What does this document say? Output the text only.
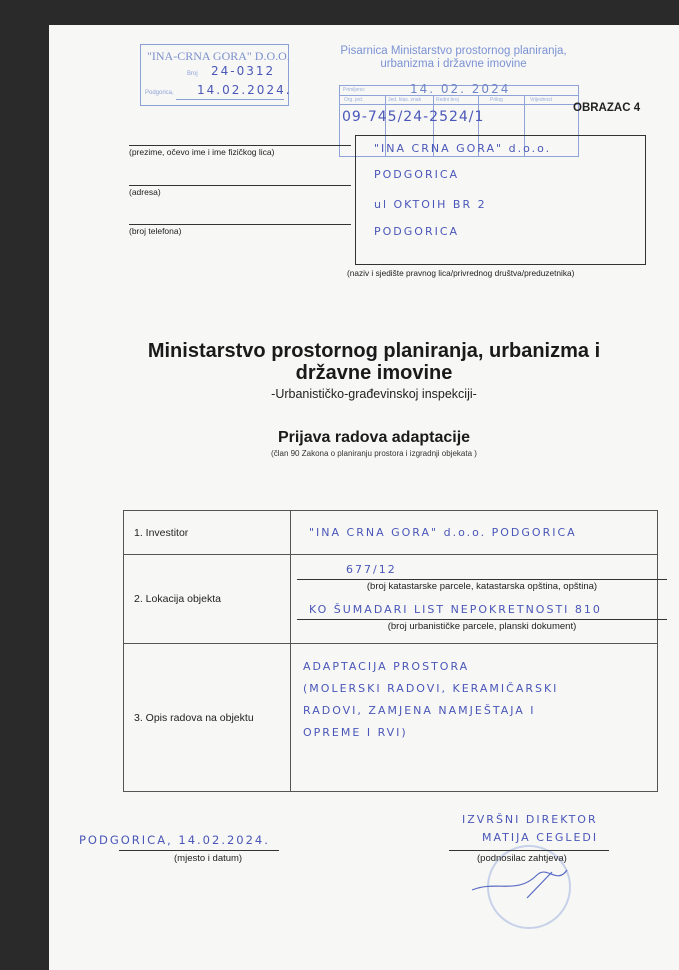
"INA-CRNA GORA" D.O.O.
Broj 24-0312
Podgorica, 14.02.2024.
Pisarnica Ministarstvo prostornog planiranja,
urbanizma i državne imovine
Primljeno:	14. 02. 2024
Org. jed.	Jed. klas. znak	Redni broj	Prilog	Vrijednost
09-745/24-2524/1
OBRAZAC 4
(prezime, očevo ime i ime fizičkog lica)
(adresa)
(broj telefona)
"INA CRNA GORA" d.o.o.
PODGORICA
ul OKTOIH BR 2
PODGORICA
(naziv i sjedište pravnog lica/privrednog društva/preduzetnika)
Ministarstvo prostornog planiranja, urbanizma i državne imovine
-Urbanističko-građevinskoj inspekciji-
Prijava radova adaptacije
(član 90 Zakona o planiranju prostora i izgradnji objekata )
1. Investitor	"INA CRNA GORA" d.o.o. PODGORICA
2. Lokacija objekta	677/12
(broj katastarske parcele, katastarska opština, opština)
KO ŠUMADARI LIST NEPOKRETNOSTI 810
(broj urbanističke parcele, planski dokument)

3. Opis radova na objektu	ADAPTACIJA PROSTORA
(MOLERSKI RADOVI, KERAMIČARSKI
RADOVI, ZAMJENA NAMJEŠTAJA I
OPREME I RVI)
PODGORICA, 14.02.2024.
(mjesto i datum)
IZVRŠNI DIREKTOR
MATIJA CEGLEDI
(podnosilac zahtjeva)
